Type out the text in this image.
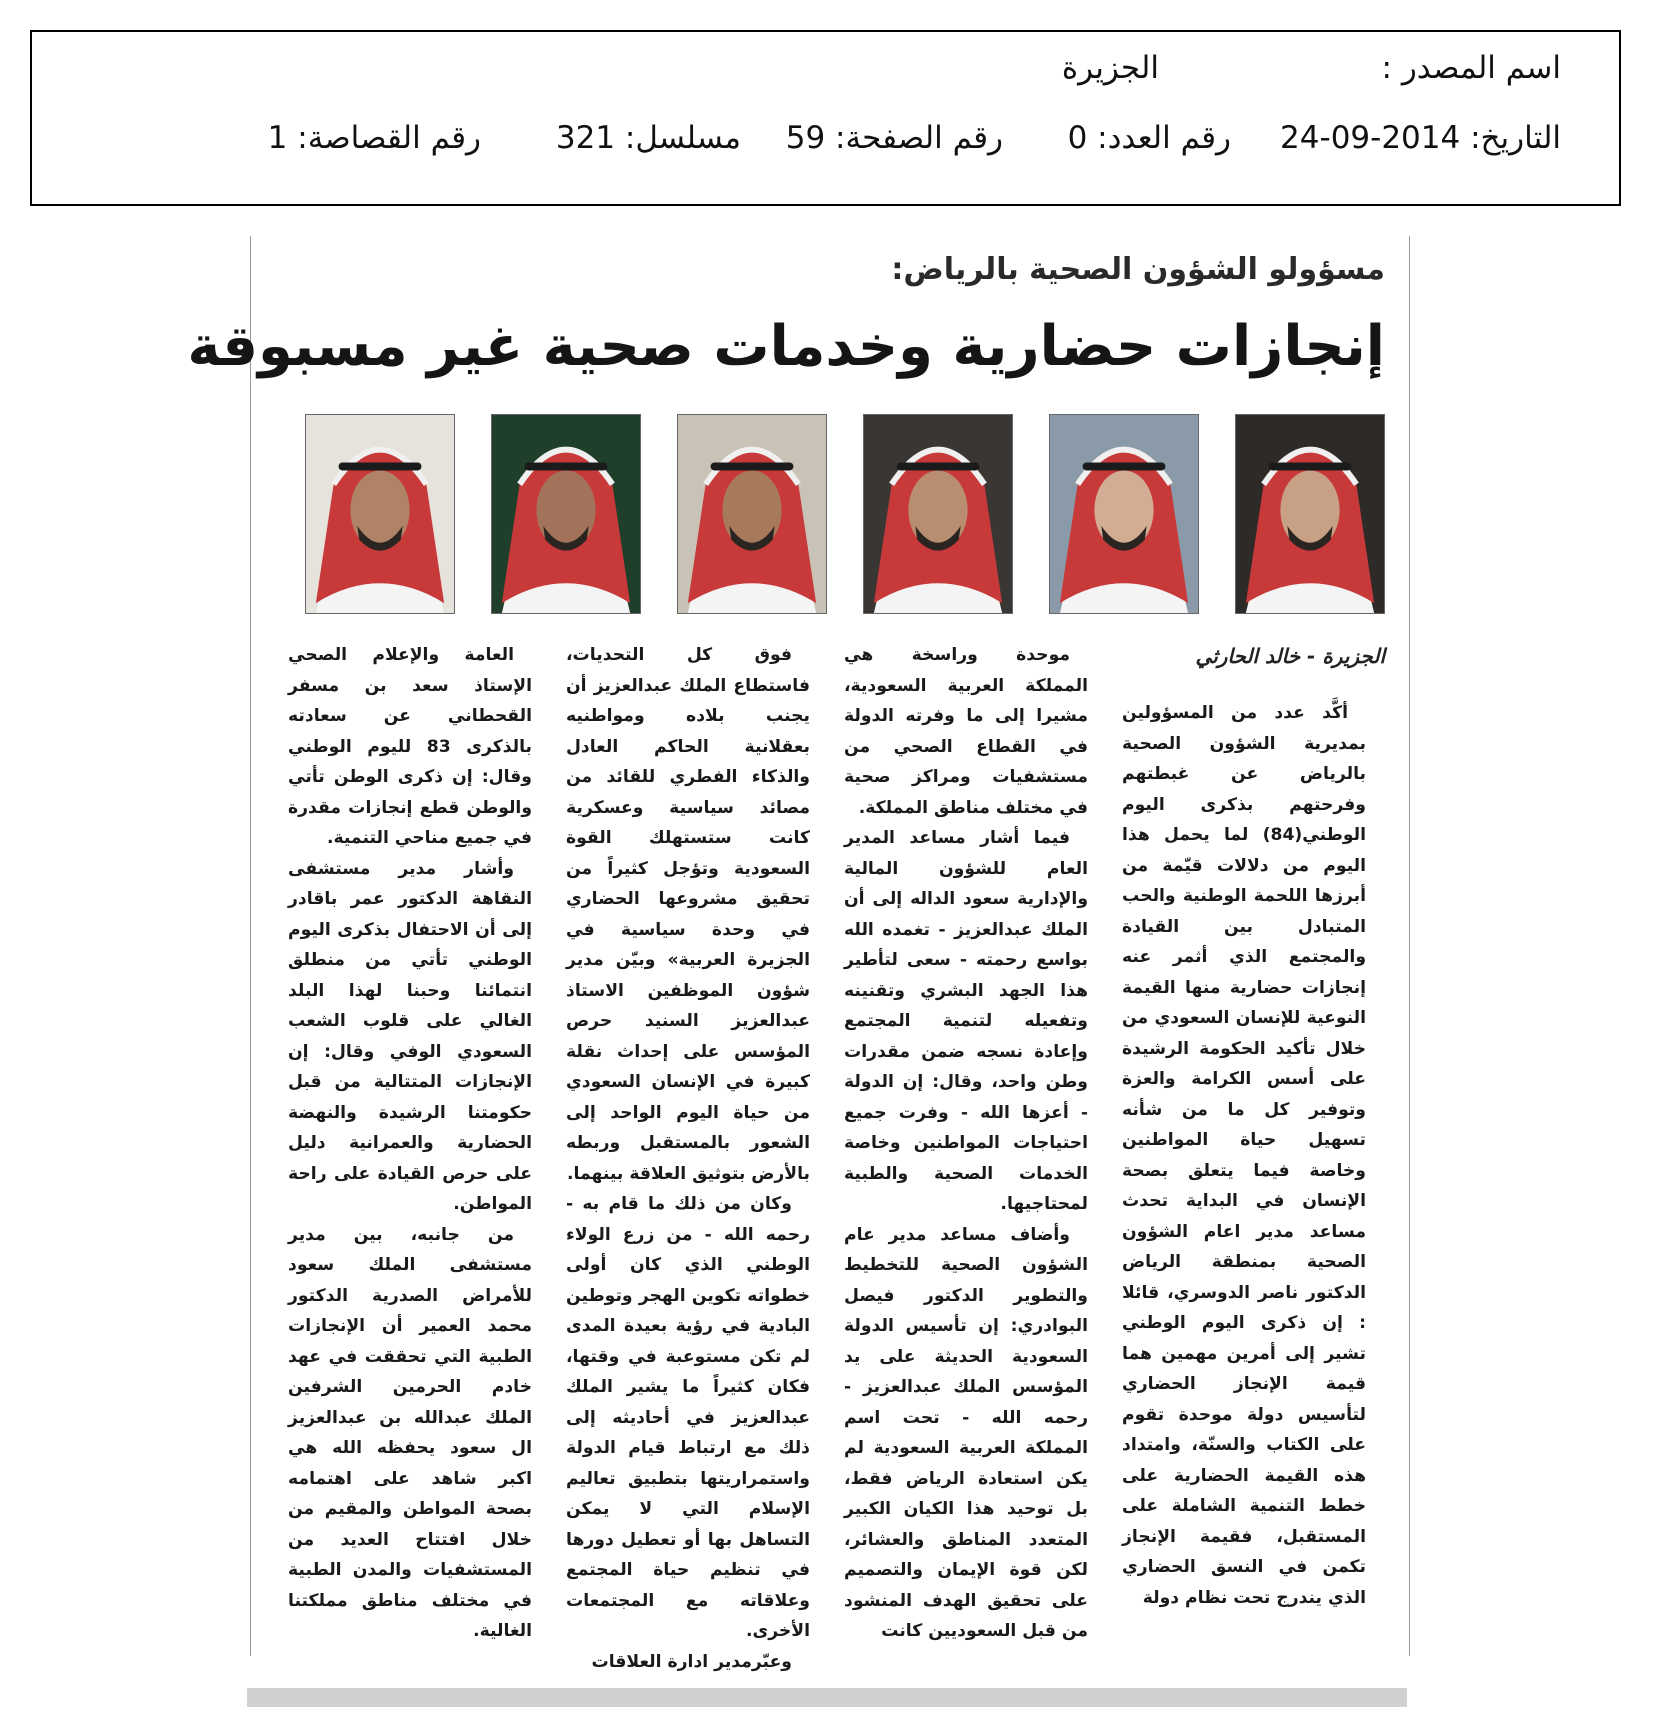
اسم المصدر :
الجزيرة
التاريخ: 2014-09-24
رقم العدد: 0
رقم الصفحة: 59
مسلسل: 321
رقم القصاصة: 1
مسؤولو الشؤون الصحية بالرياض:
إنجازات حضارية وخدمات صحية غير مسبوقة
الجزيرة - خالد الحارثي

أكَّد عدد من المسؤولين بمديرية الشؤون الصحية بالرياض عن غبطتهم وفرحتهم بذكرى اليوم الوطني(84) لما يحمل هذا اليوم من دلالات قيّمة من أبرزها اللحمة الوطنية والحب المتبادل بين القيادة والمجتمع الذي أثمر عنه إنجازات حضارية منها القيمة النوعية للإنسان السعودي من خلال تأكيد الحكومة الرشيدة على أسس الكرامة والعزة وتوفير كل ما من شأنه تسهيل حياة المواطنين وخاصة فيما يتعلق بصحة الإنسان في البداية تحدث مساعد مدير اعام الشؤون الصحية بمنطقة الرياض الدكتور ناصر الدوسري، قائلا : إن ذكرى اليوم الوطني تشير إلى أمرين مهمين هما قيمة الإنجاز الحضاري لتأسيس دولة موحدة تقوم على الكتاب والسنّة، وامتداد هذه القيمة الحضارية على خطط التنمية الشاملة على المستقبل، فقيمة الإنجاز تكمن في النسق الحضاري الذي يندرج تحت نظام دولة

موحدة وراسخة هي المملكة العربية السعودية، مشيرا إلى ما وفرته الدولة في القطاع الصحي من مستشفيات ومراكز صحية في مختلف مناطق المملكة.

فيما أشار مساعد المدير العام للشؤون المالية والإدارية سعود الداله إلى أن الملك عبدالعزيز - تغمده الله بواسع رحمته - سعى لتأطير هذا الجهد البشري وتقنينه وتفعيله لتنمية المجتمع وإعادة نسجه ضمن مقدرات وطن واحد، وقال: إن الدولة - أعزها الله - وفرت جميع احتياجات المواطنين وخاصة الخدمات الصحية والطبية لمحتاجيها.

وأضاف مساعد مدير عام الشؤون الصحية للتخطيط والتطوير الدكتور فيصل البوادري: إن تأسيس الدولة السعودية الحديثة على يد المؤسس الملك عبدالعزيز - رحمه الله - تحت اسم المملكة العربية السعودية لم يكن استعادة الرياض فقط، بل توحيد هذا الكيان الكبير المتعدد المناطق والعشائر، لكن قوة الإيمان والتصميم على تحقيق الهدف المنشود من قبل السعوديين كانت

فوق كل التحديات، فاستطاع الملك عبدالعزيز أن يجنب بلاده ومواطنيه بعقلانية الحاكم العادل والذكاء الفطري للقائد من مصائد سياسية وعسكرية كانت ستستهلك القوة السعودية وتؤجل كثيراً من تحقيق مشروعها الحضاري في وحدة سياسية في الجزيرة العربية» وبيّن مدير شؤون الموظفين الاستاذ عبدالعزيز السنيد حرص المؤسس على إحداث نقلة كبيرة في الإنسان السعودي من حياة اليوم الواحد إلى الشعور بالمستقبل وربطه بالأرض بتوثيق العلاقة بينهما.

وكان من ذلك ما قام به - رحمه الله - من زرع الولاء الوطني الذي كان أولى خطواته تكوين الهجر وتوطين البادية في رؤية بعيدة المدى لم تكن مستوعبة في وقتها، فكان كثيراً ما يشير الملك عبدالعزيز في أحاديثه إلى ذلك مع ارتباط قيام الدولة واستمراريتها بتطبيق تعاليم الإسلام التي لا يمكن التساهل بها أو تعطيل دورها في تنظيم حياة المجتمع وعلاقاته مع المجتمعات الأخرى.

وعبّرمدير ادارة العلاقات

العامة والإعلام الصحي الإستاذ سعد بن مسفر القحطاني عن سعادته بالذكرى 83 لليوم الوطني وقال: إن ذكرى الوطن تأتي والوطن قطع إنجازات مقدرة في جميع مناحي التنمية.

وأشار مدير مستشفى النقاهة الدكتور عمر باقادر إلى أن الاحتفال بذكرى اليوم الوطني تأتي من منطلق انتمائنا وحبنا لهذا البلد الغالي على قلوب الشعب السعودي الوفي وقال: إن الإنجازات المتتالية من قبل حكومتنا الرشيدة والنهضة الحضارية والعمرانية دليل على حرص القيادة على راحة المواطن.

من جانبه، بين مدير مستشفى الملك سعود للأمراض الصدرية الدكتور محمد العمير أن الإنجازات الطبية التي تحققت في عهد خادم الحرمين الشرفين الملك عبدالله بن عبدالعزيز ال سعود يحفظه الله هي اكبر شاهد على اهتمامه بصحة المواطن والمقيم من خلال افتتاح العديد من المستشفيات والمدن الطبية في مختلف مناطق مملكتنا الغالية.
